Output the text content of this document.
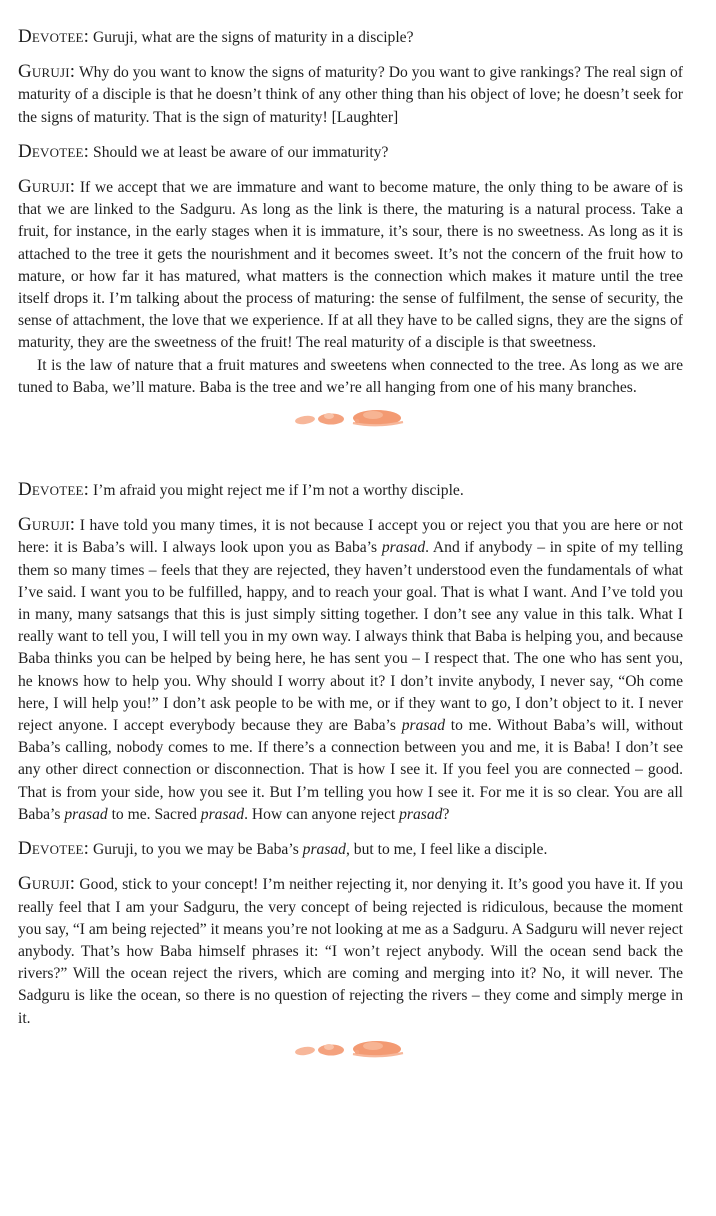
Devotee: Guruji, what are the signs of maturity in a disciple?

Guruji: Why do you want to know the signs of maturity? Do you want to give rankings? The real sign of maturity of a disciple is that he doesn’t think of any other thing than his object of love; he doesn’t seek for the signs of maturity. That is the sign of maturity! [Laughter]

Devotee: Should we at least be aware of our immaturity?

Guruji: If we accept that we are immature and want to become mature, the only thing to be aware of is that we are linked to the Sadguru. As long as the link is there, the maturing is a natural process. Take a fruit, for instance, in the early stages when it is immature, it’s sour, there is no sweetness. As long as it is attached to the tree it gets the nourishment and it becomes sweet. It’s not the concern of the fruit how to mature, or how far it has matured, what matters is the connection which makes it mature until the tree itself drops it. I’m talking about the process of maturing: the sense of fulfilment, the sense of security, the sense of attachment, the love that we experience. If at all they have to be called signs, they are the signs of maturity, they are the sweetness of the fruit! The real maturity of a disciple is that sweetness.

It is the law of nature that a fruit matures and sweetens when connected to the tree. As long as we are tuned to Baba, we’ll mature. Baba is the tree and we’re all hanging from one of his many branches.

Devotee: I’m afraid you might reject me if I’m not a worthy disciple.

Guruji: I have told you many times, it is not because I accept you or reject you that you are here or not here: it is Baba’s will. I always look upon you as Baba’s prasad. And if anybody – in spite of my telling them so many times – feels that they are rejected, they haven’t understood even the fundamentals of what I’ve said. I want you to be fulfilled, happy, and to reach your goal. That is what I want. And I’ve told you in many, many satsangs that this is just simply sitting together. I don’t see any value in this talk. What I really want to tell you, I will tell you in my own way. I always think that Baba is helping you, and because Baba thinks you can be helped by being here, he has sent you – I respect that. The one who has sent you, he knows how to help you. Why should I worry about it? I don’t invite anybody, I never say, “Oh come here, I will help you!” I don’t ask people to be with me, or if they want to go, I don’t object to it. I never reject anyone. I accept everybody because they are Baba’s prasad to me. Without Baba’s will, without Baba’s calling, nobody comes to me. If there’s a connection between you and me, it is Baba! I don’t see any other direct connection or disconnection. That is how I see it. If you feel you are connected – good. That is from your side, how you see it. But I’m telling you how I see it. For me it is so clear. You are all Baba’s prasad to me. Sacred prasad. How can anyone reject prasad?

Devotee: Guruji, to you we may be Baba’s prasad, but to me, I feel like a disciple.

Guruji: Good, stick to your concept! I’m neither rejecting it, nor denying it. It’s good you have it. If you really feel that I am your Sadguru, the very concept of being rejected is ridiculous, because the moment you say, “I am being rejected” it means you’re not looking at me as a Sadguru. A Sadguru will never reject anybody. That’s how Baba himself phrases it: “I won’t reject anybody. Will the ocean send back the rivers?” Will the ocean reject the rivers, which are coming and merging into it? No, it will never. The Sadguru is like the ocean, so there is no question of rejecting the rivers – they come and simply merge in it.
